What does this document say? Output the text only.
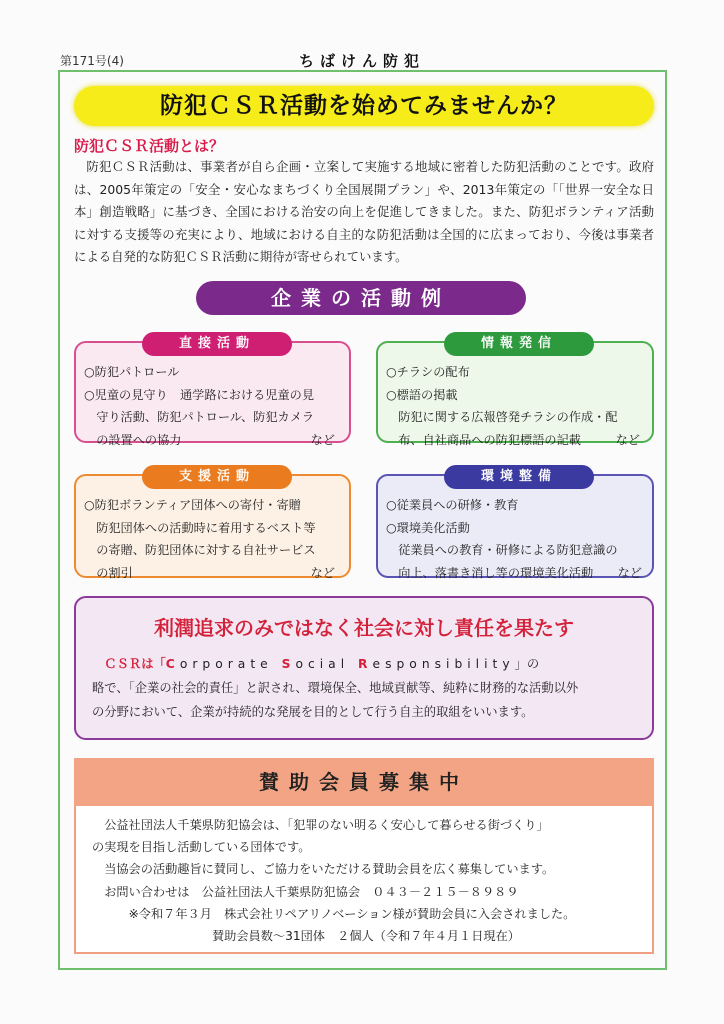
第171号(4)	ちばけん防犯
防犯ＣＳＲ活動を始めてみませんか？
防犯ＣＳＲ活動とは？
防犯ＣＳＲ活動は、事業者が自ら企画・立案して実施する地域に密着した防犯活動のことです。政府は、2005年策定の「安全・安心なまちづくり全国展開プラン」や、2013年策定の「「世界一安全な日本」創造戦略」に基づき、全国における治安の向上を促進してきました。また、防犯ボランティア活動に対する支援等の充実により、地域における自主的な防犯活動は全国的に広まっており、今後は事業者による自発的な防犯ＣＳＲ活動に期待が寄せられています。
企業の活動例
直接活動
○防犯パトロール
○児童の見守り　通学路における児童の見
守り活動、防犯パトロール、防犯カメラ
の設置への協力	など
情報発信
○チラシの配布
○標語の掲載
防犯に関する広報啓発チラシの作成・配
布、自社商品への防犯標語の記載	など
支援活動
○防犯ボランティア団体への寄付・寄贈
防犯団体への活動時に着用するベスト等
の寄贈、防犯団体に対する自社サービス
の割引	など
環境整備
○従業員への研修・教育
○環境美化活動
従業員への教育・研修による防犯意識の
向上、落書き消し等の環境美化活動 など
利潤追求のみではなく社会に対し責任を果たす
ＣＳＲは「Corporate Social Responsibility」の
略で、「企業の社会的責任」と訳され、環境保全、地域貢献等、純粋に財務的な活動以外
の分野において、企業が持続的な発展を目的として行う自主的取組をいいます。
賛助会員募集中
公益社団法人千葉県防犯協会は、「犯罪のない明るく安心して暮らせる街づくり」
の実現を目指し活動している団体です。
当協会の活動趣旨に賛同し、ご協力をいただける賛助会員を広く募集しています。
お問い合わせは　公益社団法人千葉県防犯協会　０４３－２１５－８９８９
※令和７年３月　株式会社リペアリノベーション様が賛助会員に入会されました。
賛助会員数～31団体　２個人（令和７年４月１日現在）
